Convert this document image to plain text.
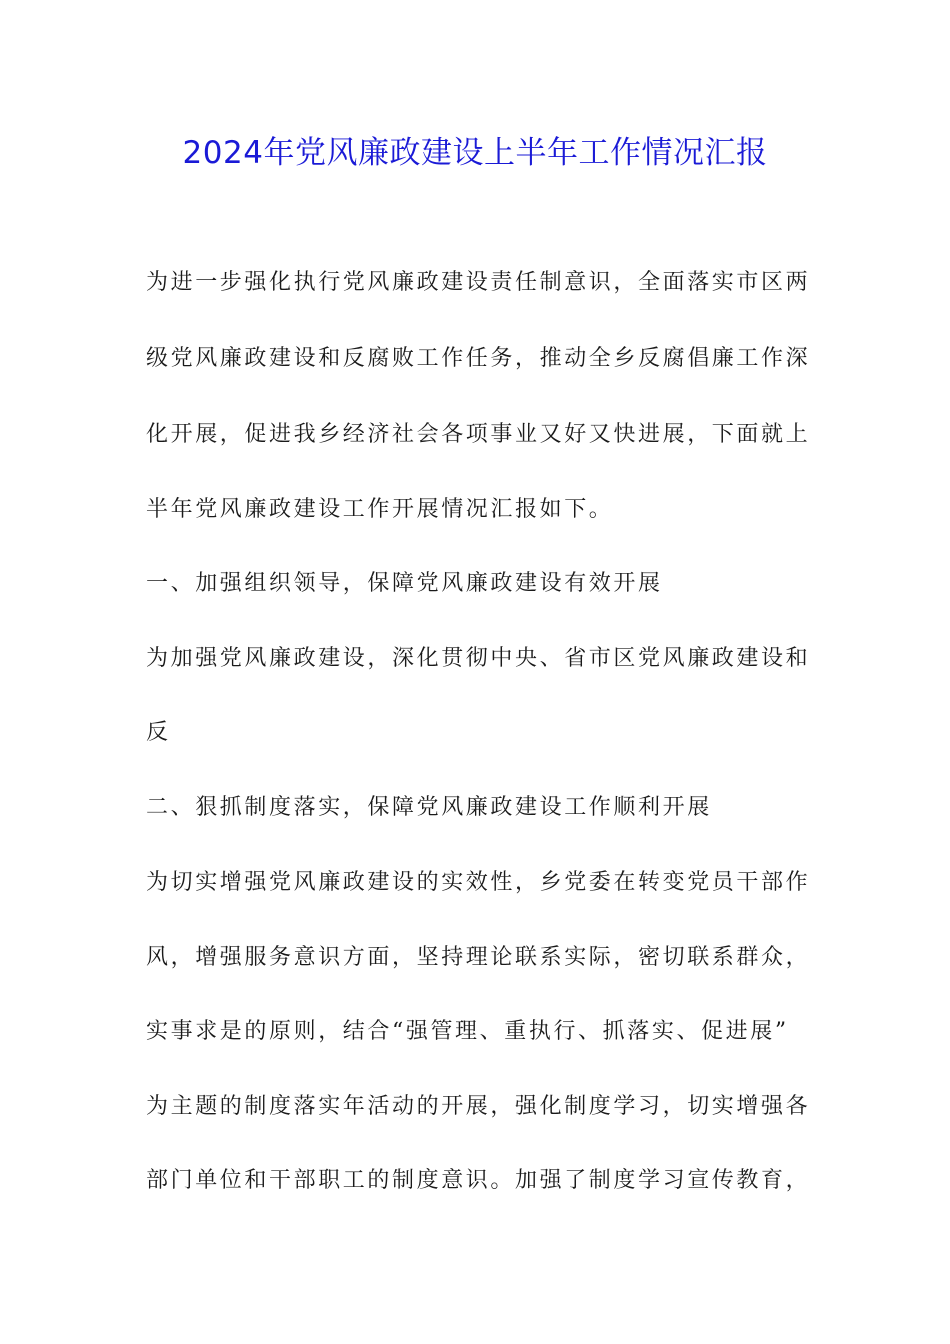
2024年党风廉政建设上半年工作情况汇报
为进一步强化执行党风廉政建设责任制意识，全面落实市区两
级党风廉政建设和反腐败工作任务，推动全乡反腐倡廉工作深
化开展，促进我乡经济社会各项事业又好又快进展，下面就上
半年党风廉政建设工作开展情况汇报如下。
一、加强组织领导，保障党风廉政建设有效开展
为加强党风廉政建设，深化贯彻中央、省市区党风廉政建设和
反
二、狠抓制度落实，保障党风廉政建设工作顺利开展
为切实增强党风廉政建设的实效性，乡党委在转变党员干部作
风，增强服务意识方面，坚持理论联系实际，密切联系群众，
实事求是的原则，结合“强管理、重执行、抓落实、促进展”
为主题的制度落实年活动的开展，强化制度学习，切实增强各
部门单位和干部职工的制度意识。加强了制度学习宣传教育，
